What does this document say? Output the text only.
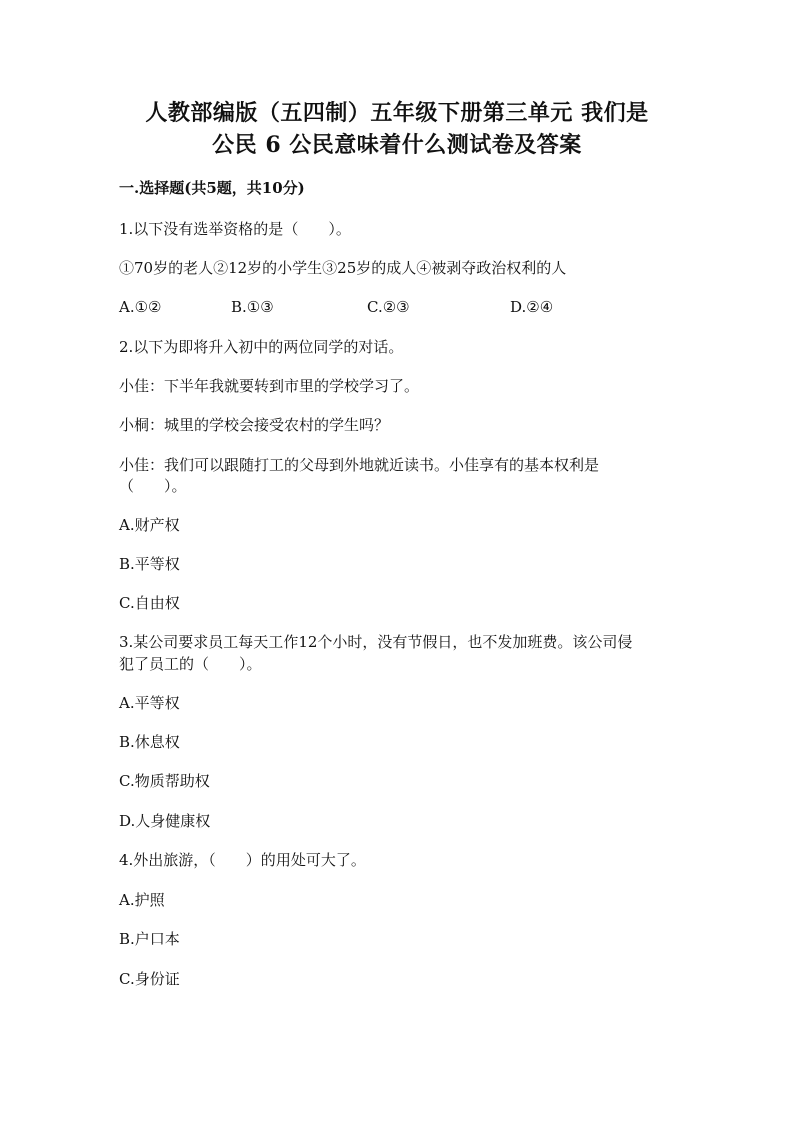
人教部编版（五四制）五年级下册第三单元 我们是
公民 6 公民意味着什么测试卷及答案
一.选择题(共5题，共10分)
1.以下没有选举资格的是（　　）。
①70岁的老人②12岁的小学生③25岁的成人④被剥夺政治权利的人
A.①②	B.①③	C.②③	D.②④
2.以下为即将升入初中的两位同学的对话。
小佳：下半年我就要转到市里的学校学习了。
小桐：城里的学校会接受农村的学生吗？
小佳：我们可以跟随打工的父母到外地就近读书。小佳享有的基本权利是
（　　）。
A.财产权
B.平等权
C.自由权
3.某公司要求员工每天工作12个小时，没有节假日，也不发加班费。该公司侵
犯了员工的（　　）。
A.平等权
B.休息权
C.物质帮助权
D.人身健康权
4.外出旅游，（　　）的用处可大了。
A.护照
B.户口本
C.身份证
